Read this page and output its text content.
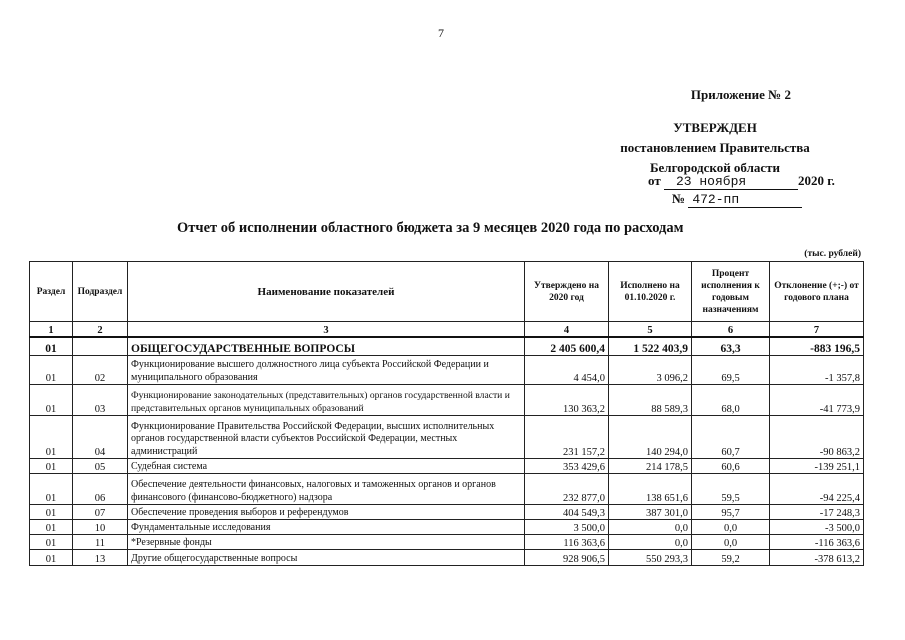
7
Приложение № 2
УТВЕРЖДЕН
постановлением Правительства
Белгородской области
от 23 ноября	2020 г.
№ 472-пп
Отчет об исполнении областного бюджета за 9 месяцев 2020 года по расходам
(тыс. рублей)
Раздел	Подраздел	Наименование показателей	Утверждено на 2020 год	Исполнено на 01.10.2020 г.	Процент исполнения к годовым назначениям	Отклонение (+;-) от годового плана
1	2	3	4	5	6	7
01		ОБЩЕГОСУДАРСТВЕННЫЕ ВОПРОСЫ	2 405 600,4	1 522 403,9	63,3	-883 196,5
01	02	Функционирование высшего должностного лица субъекта Российской Федерации и муниципального образования	4 454,0	3 096,2	69,5	-1 357,8
01	03	Функционирование законодательных (представительных) органов государственной власти и представительных органов муниципальных образований	130 363,2	88 589,3	68,0	-41 773,9
01	04	Функционирование Правительства Российской Федерации, высших исполнительных органов государственной власти субъектов Российской Федерации, местных администраций	231 157,2	140 294,0	60,7	-90 863,2
01	05	Судебная система	353 429,6	214 178,5	60,6	-139 251,1
01	06	Обеспечение деятельности финансовых, налоговых и таможенных органов и органов финансового (финансово-бюджетного) надзора	232 877,0	138 651,6	59,5	-94 225,4
01	07	Обеспечение проведения выборов и референдумов	404 549,3	387 301,0	95,7	-17 248,3
01	10	Фундаментальные исследования	3 500,0	0,0	0,0	-3 500,0
01	11	*Резервные фонды	116 363,6	0,0	0,0	-116 363,6
01	13	Другие общегосударственные вопросы	928 906,5	550 293,3	59,2	-378 613,2
